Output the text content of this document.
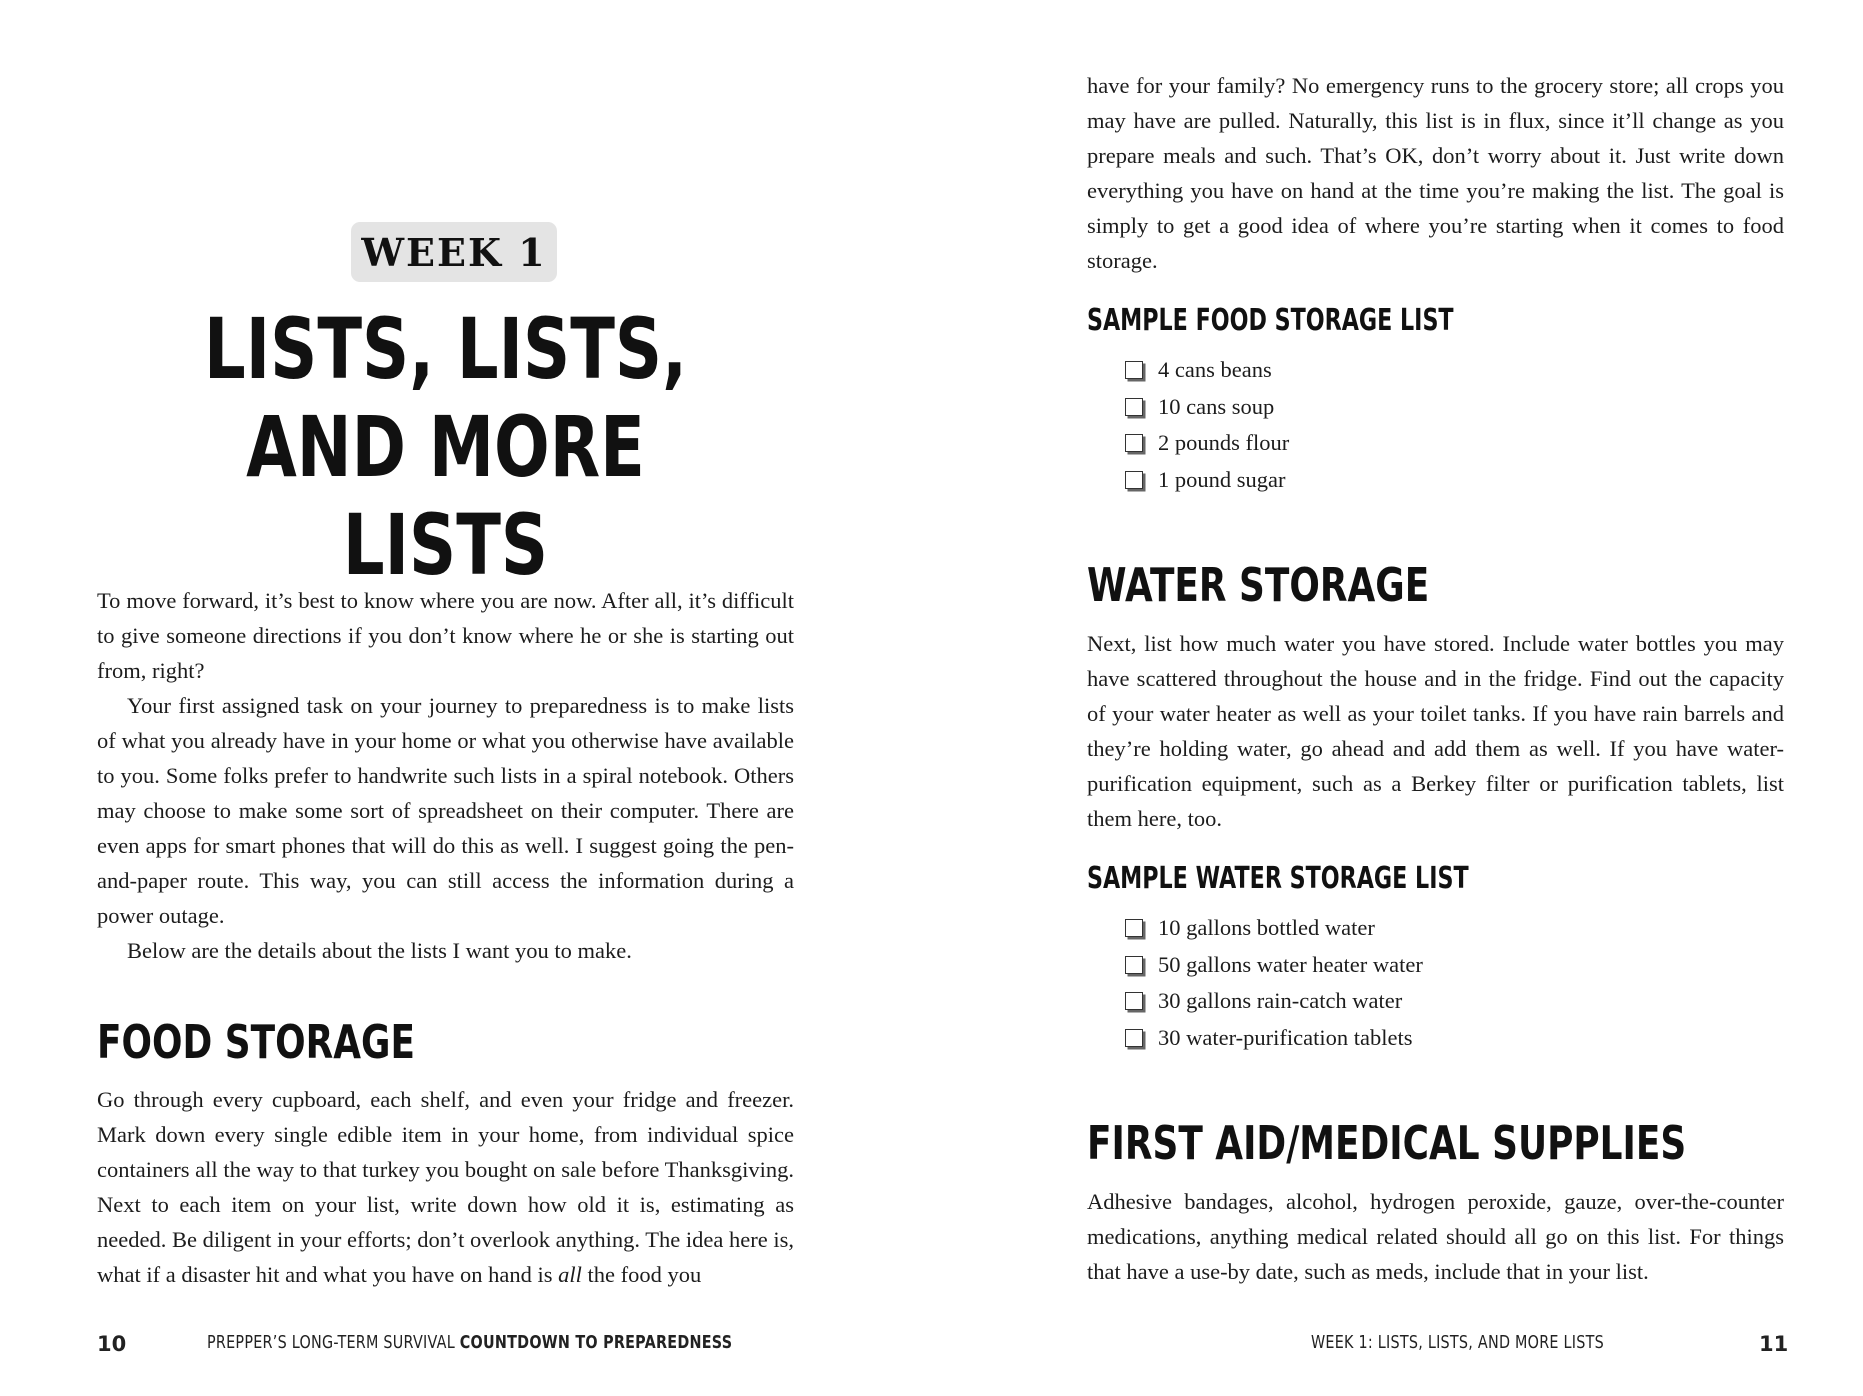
WEEK 1
LISTS, LISTS,
AND MORE LISTS

To move forward, it’s best to know where you are now. After all, it’s difficult to give someone directions if you don’t know where he or she is starting out from, right?

Your first assigned task on your journey to preparedness is to make lists of what you already have in your home or what you otherwise have available to you. Some folks prefer to handwrite such lists in a spiral notebook. Others may choose to make some sort of spreadsheet on their computer. There are even apps for smart phones that will do this as well. I suggest going the pen-and-paper route. This way, you can still access the information during a power outage.

Below are the details about the lists I want you to make.

FOOD STORAGE

Go through every cupboard, each shelf, and even your fridge and freezer. Mark down every single edible item in your home, from individual spice containers all the way to that turkey you bought on sale before Thanksgiving. Next to each item on your list, write down how old it is, estimating as needed. Be diligent in your efforts; don’t overlook anything. The idea here is, what if a disaster hit and what you have on hand is all the food you

10	PREPPER’S LONG-TERM SURVIVAL COUNTDOWN TO PREPAREDNESS

have for your family? No emergency runs to the grocery store; all crops you may have are pulled. Naturally, this list is in flux, since it’ll change as you prepare meals and such. That’s OK, don’t worry about it. Just write down everything you have on hand at the time you’re making the list. The goal is simply to get a good idea of where you’re starting when it comes to food storage.

SAMPLE FOOD STORAGE LIST
4 cans beans
10 cans soup
2 pounds flour
1 pound sugar
WATER STORAGE

Next, list how much water you have stored. Include water bottles you may have scattered throughout the house and in the fridge. Find out the capacity of your water heater as well as your toilet tanks. If you have rain barrels and they’re holding water, go ahead and add them as well. If you have water-purification equipment, such as a Berkey filter or purification tablets, list them here, too.

SAMPLE WATER STORAGE LIST
10 gallons bottled water
50 gallons water heater water
30 gallons rain-catch water
30 water-purification tablets
FIRST AID/MEDICAL SUPPLIES

Adhesive bandages, alcohol, hydrogen peroxide, gauze, over-the-counter medications, anything medical related should all go on this list. For things that have a use-by date, such as meds, include that in your list.

WEEK 1: LISTS, LISTS, AND MORE LISTS	11
